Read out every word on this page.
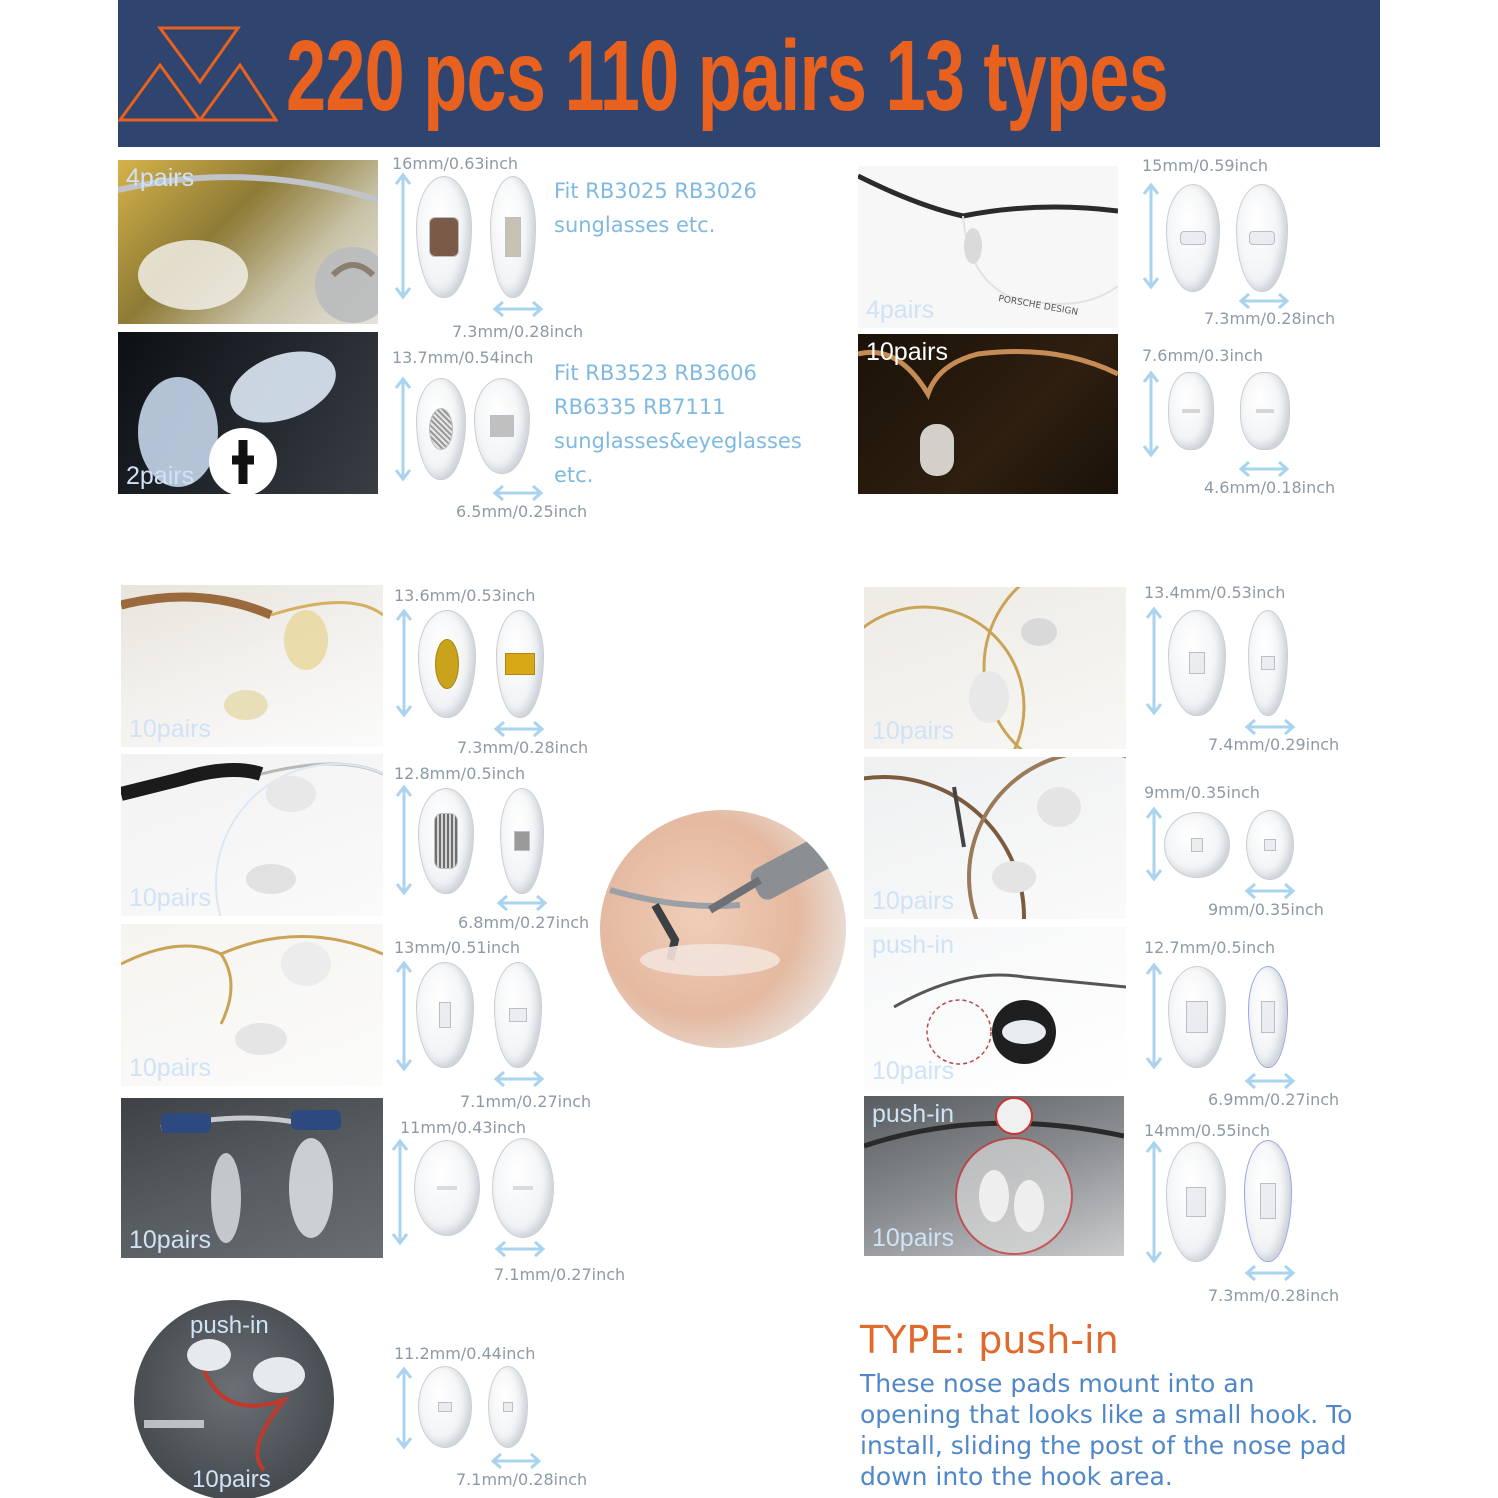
220 pcs 110 pairs 13 types
4pairs
16mm/0.63inch
7.3mm/0.28inch
Fit RB3025 RB3026
sunglasses etc.
2pairs
13.7mm/0.54inch
6.5mm/0.25inch
Fit RB3523 RB3606
RB6335 RB7111
sunglasses&eyeglasses
etc.
PORSCHE DESIGN
4pairs
15mm/0.59inch
7.3mm/0.28inch
10pairs	7.6mm/0.3inch
4.6mm/0.18inch
10pairs
13.6mm/0.53inch
7.3mm/0.28inch
10pairs
12.8mm/0.5inch
6.8mm/0.27inch
10pairs
13mm/0.51inch
7.1mm/0.27inch
10pairs
11mm/0.43inch
7.1mm/0.27inch
10pairs
13.4mm/0.53inch
7.4mm/0.29inch
10pairs
9mm/0.35inch
9mm/0.35inch
push-in
10pairs
12.7mm/0.5inch
6.9mm/0.27inch
push-in
10pairs
14mm/0.55inch
7.3mm/0.28inch
push-in
10pairs
11.2mm/0.44inch
7.1mm/0.28inch
TYPE: push-in
These nose pads mount into an opening that looks like a small hook. To install, sliding the post of the nose pad down into the hook area.
